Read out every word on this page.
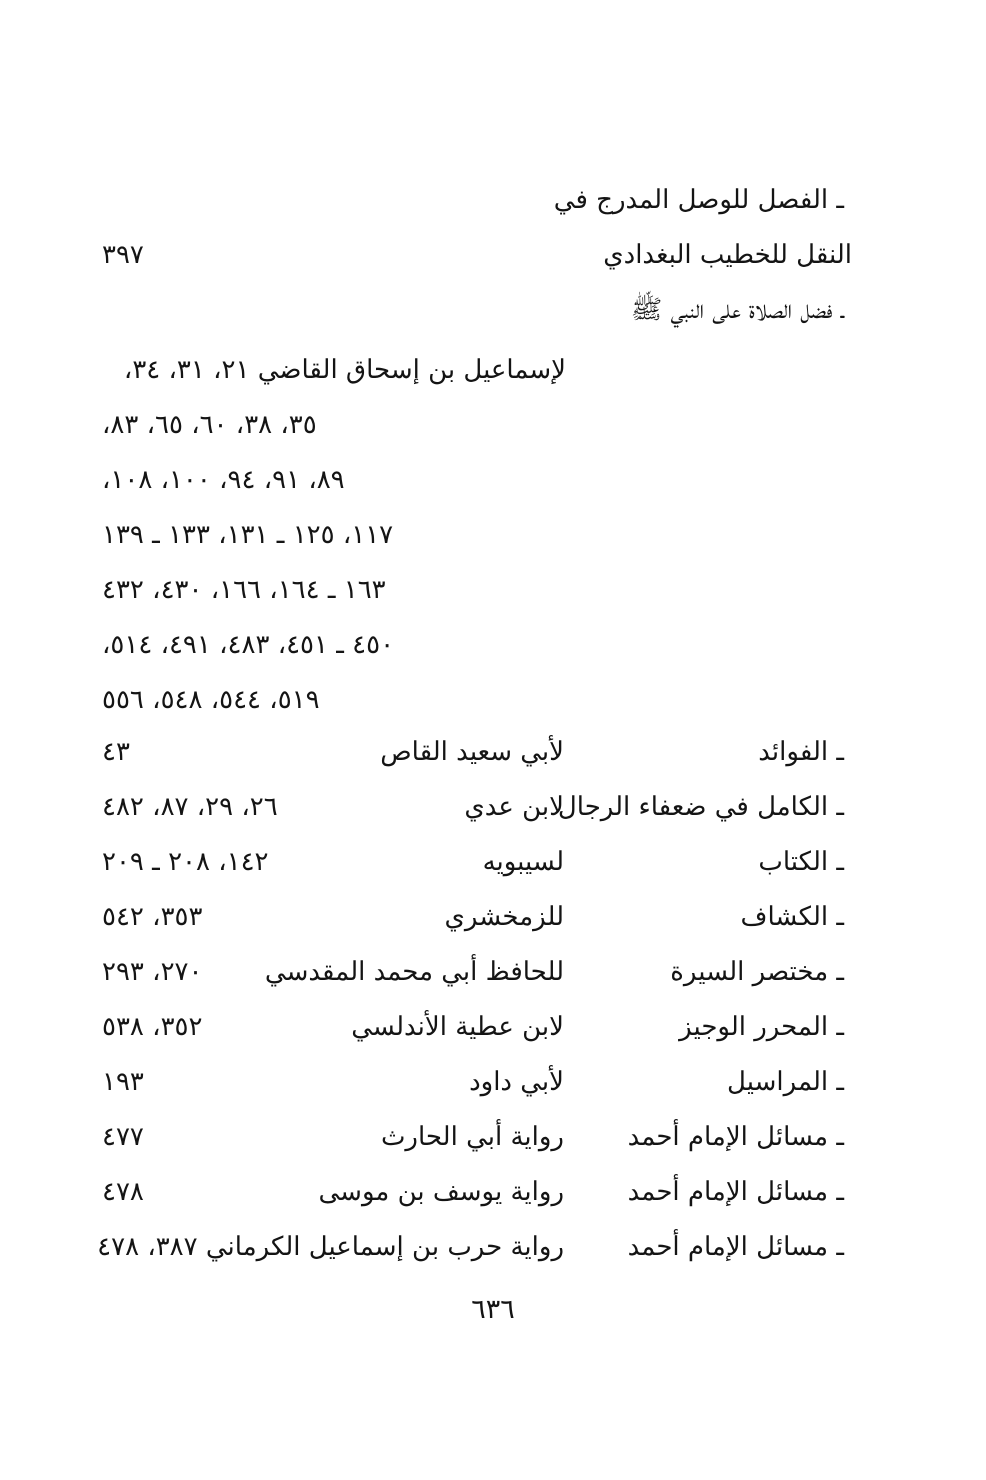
ـ الفصل للوصل المدرج في
النقل للخطيب البغدادي
٣٩٧
ـ فضل الصلاة على النبي ﷺ
لإسماعيل بن إسحاق القاضي ٢١، ٣١، ٣٤،
٣٥، ٣٨، ٦٠، ٦٥، ٨٣،
٨٩، ٩١، ٩٤، ١٠٠، ١٠٨،
١١٧، ١٢٥ ـ ١٣١، ١٣٣ ـ ١٣٩
١٦٣ ـ ١٦٤، ١٦٦، ٤٣٠، ٤٣٢
٤٥٠ ـ ٤٥١، ٤٨٣، ٤٩١، ٥١٤،
٥١٩، ٥٤٤، ٥٤٨، ٥٥٦
ـ الفوائد
لأبي سعيد القاص
٤٣
ـ الكامل في ضعفاء الرجال
لابن عدي
٢٦، ٢٩، ٨٧، ٤٨٢
ـ الكتاب
لسيبويه
١٤٢، ٢٠٨ ـ ٢٠٩
ـ الكشاف
للزمخشري
٣٥٣، ٥٤٢
ـ مختصر السيرة
للحافظ أبي محمد المقدسي
٢٧٠، ٢٩٣
ـ المحرر الوجيز
لابن عطية الأندلسي
٣٥٢، ٥٣٨
ـ المراسيل
لأبي داود
١٩٣
ـ مسائل الإمام أحمد
رواية أبي الحارث
٤٧٧
ـ مسائل الإمام أحمد
رواية يوسف بن موسى
٤٧٨
ـ مسائل الإمام أحمد
رواية حرب بن إسماعيل الكرماني ٣٨٧، ٤٧٨
٦٣٦
